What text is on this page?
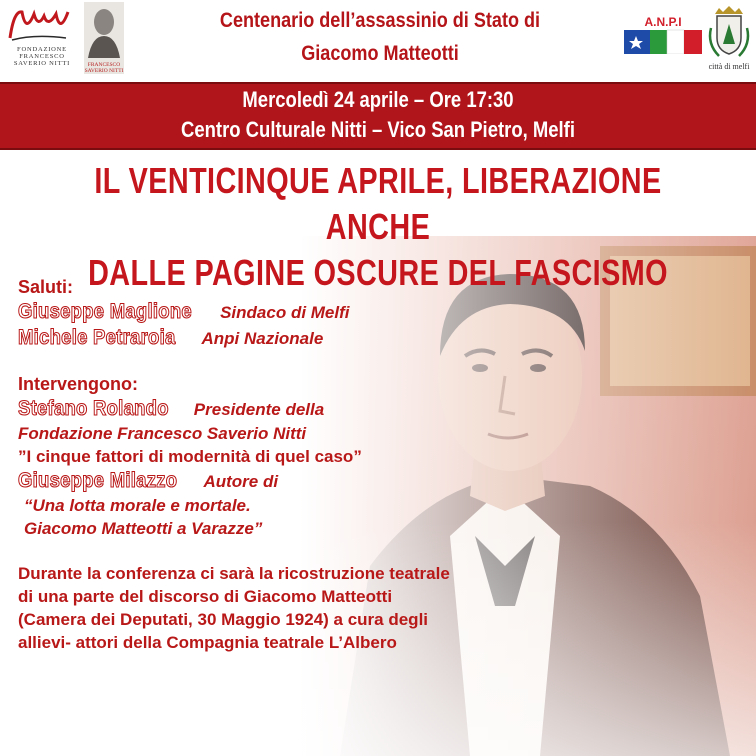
FONDAZIONE FRANCESCO SAVERIO NITTI	FRANCESCO SAVERIO NITTI
Centenario dell’assassinio di Stato di
Giacomo Matteotti
A.N.P.I
città di melfi
Mercoledì 24 aprile – Ore 17:30
Centro Culturale Nitti – Vico San Pietro, Melfi
IL VENTICINQUE APRILE, LIBERAZIONE ANCHE
DALLE PAGINE OSCURE DEL FASCISMO
Saluti:
Giuseppe Maglione Sindaco di Melfi
Michele Petraroia Anpi Nazionale
Intervengono:
Stefano Rolando Presidente della
Fondazione Francesco Saverio Nitti
”I cinque fattori di modernità di quel caso”
Giuseppe Milazzo Autore di
“Una lotta morale e mortale.
Giacomo Matteotti a Varazze”
Durante la conferenza ci sarà la ricostruzione teatrale
di una parte del discorso di Giacomo Matteotti
(Camera dei Deputati, 30 Maggio 1924) a cura degli
allievi- attori della Compagnia teatrale L’Albero
